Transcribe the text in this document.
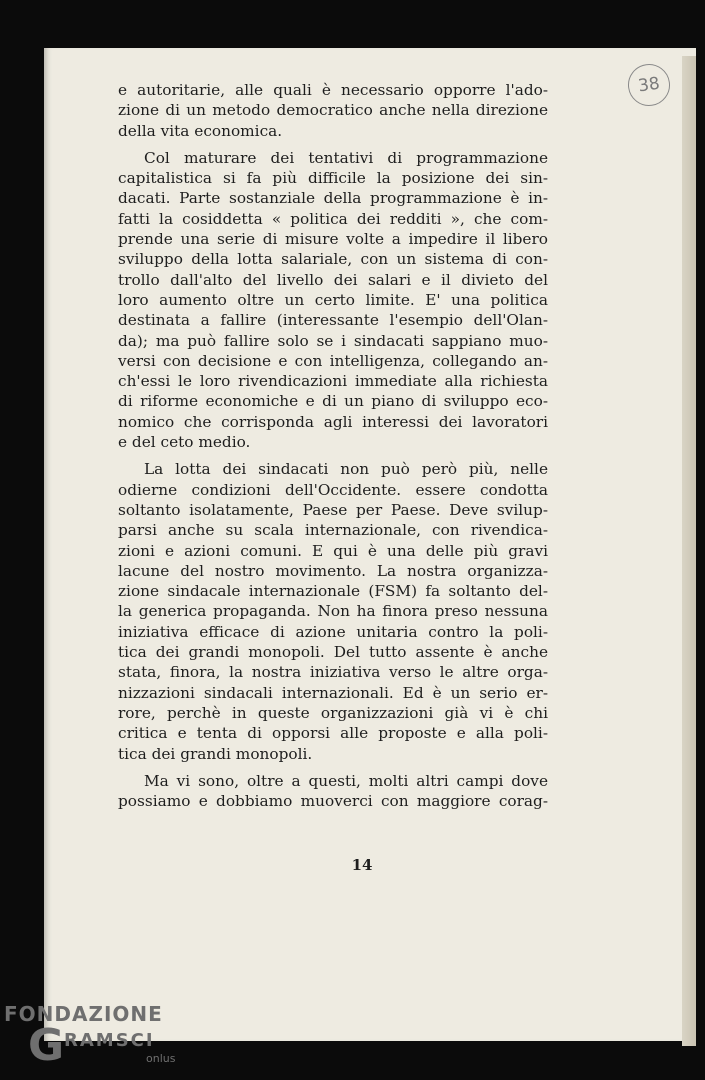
38
14
e autoritarie, alle quali è necessario opporre l'ado-
zione di un metodo democratico anche nella direzione
della vita economica.
Col maturare dei tentativi di programmazione
capitalistica si fa più difficile la posizione dei sin-
dacati. Parte sostanziale della programmazione è in-
fatti la cosiddetta « politica dei redditi », che com-
prende una serie di misure volte a impedire il libero
sviluppo della lotta salariale, con un sistema di con-
trollo dall'alto del livello dei salari e il divieto del
loro aumento oltre un certo limite. E' una politica
destinata a fallire (interessante l'esempio dell'Olan-
da); ma può fallire solo se i sindacati sappiano muo-
versi con decisione e con intelligenza, collegando an-
ch'essi le loro rivendicazioni immediate alla richiesta
di riforme economiche e di un piano di sviluppo eco-
nomico che corrisponda agli interessi dei lavoratori
e del ceto medio.
La lotta dei sindacati non può però più, nelle
odierne condizioni dell'Occidente. essere condotta
soltanto isolatamente, Paese per Paese. Deve svilup-
parsi anche su scala internazionale, con rivendica-
zioni e azioni comuni. E qui è una delle più gravi
lacune del nostro movimento. La nostra organizza-
zione sindacale internazionale (FSM) fa soltanto del-
la generica propaganda. Non ha finora preso nessuna
iniziativa efficace di azione unitaria contro la poli-
tica dei grandi monopoli. Del tutto assente è anche
stata, finora, la nostra iniziativa verso le altre orga-
nizzazioni sindacali internazionali. Ed è un serio er-
rore, perchè in queste organizzazioni già vi è chi
critica e tenta di opporsi alle proposte e alla poli-
tica dei grandi monopoli.
Ma vi sono, oltre a questi, molti altri campi dove
possiamo e dobbiamo muoverci con maggiore corag-
FONDAZIONE
G RAMSCI
onlus
